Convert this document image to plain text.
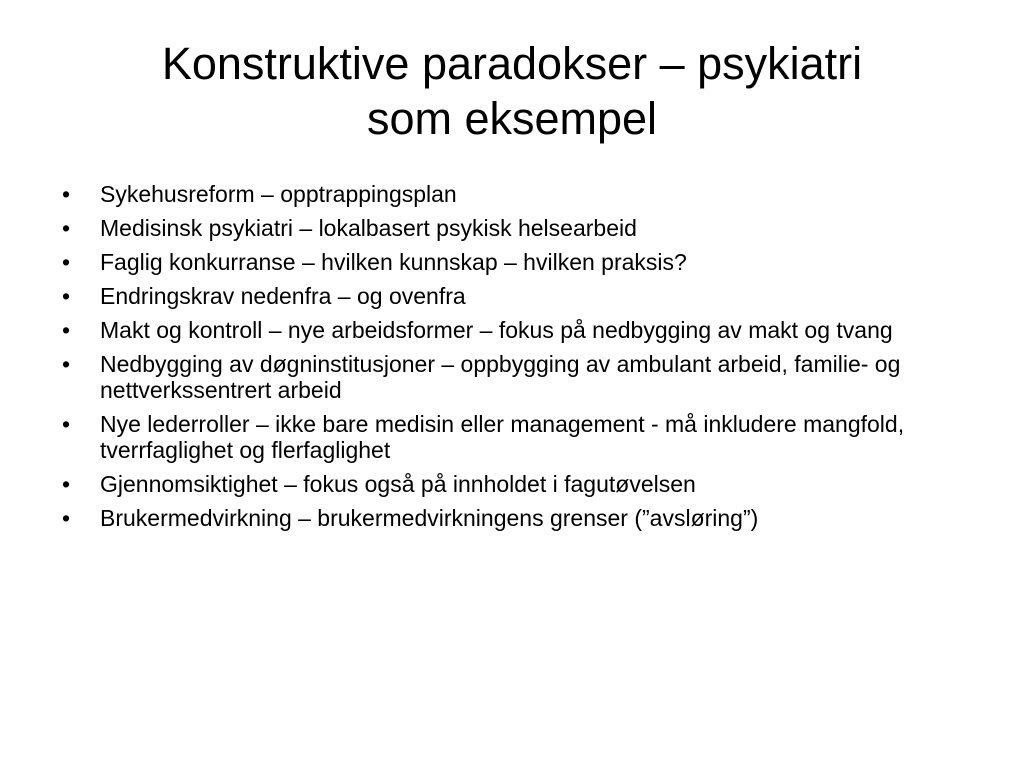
Konstruktive paradokser – psykiatri
som eksempel
•	Sykehusreform – opptrappingsplan
•	Medisinsk psykiatri – lokalbasert psykisk helsearbeid
•	Faglig konkurranse – hvilken kunnskap – hvilken praksis?
•	Endringskrav nedenfra – og ovenfra
•	Makt og kontroll – nye arbeidsformer – fokus på nedbygging av makt og tvang
•	Nedbygging av døgninstitusjoner – oppbygging av ambulant arbeid, familie- og nettverkssentrert arbeid
•	Nye lederroller – ikke bare medisin eller management - må inkludere mangfold, tverrfaglighet og flerfaglighet
•	Gjennomsiktighet – fokus også på innholdet i fagutøvelsen
•	Brukermedvirkning – brukermedvirkningens grenser (”avsløring”)
